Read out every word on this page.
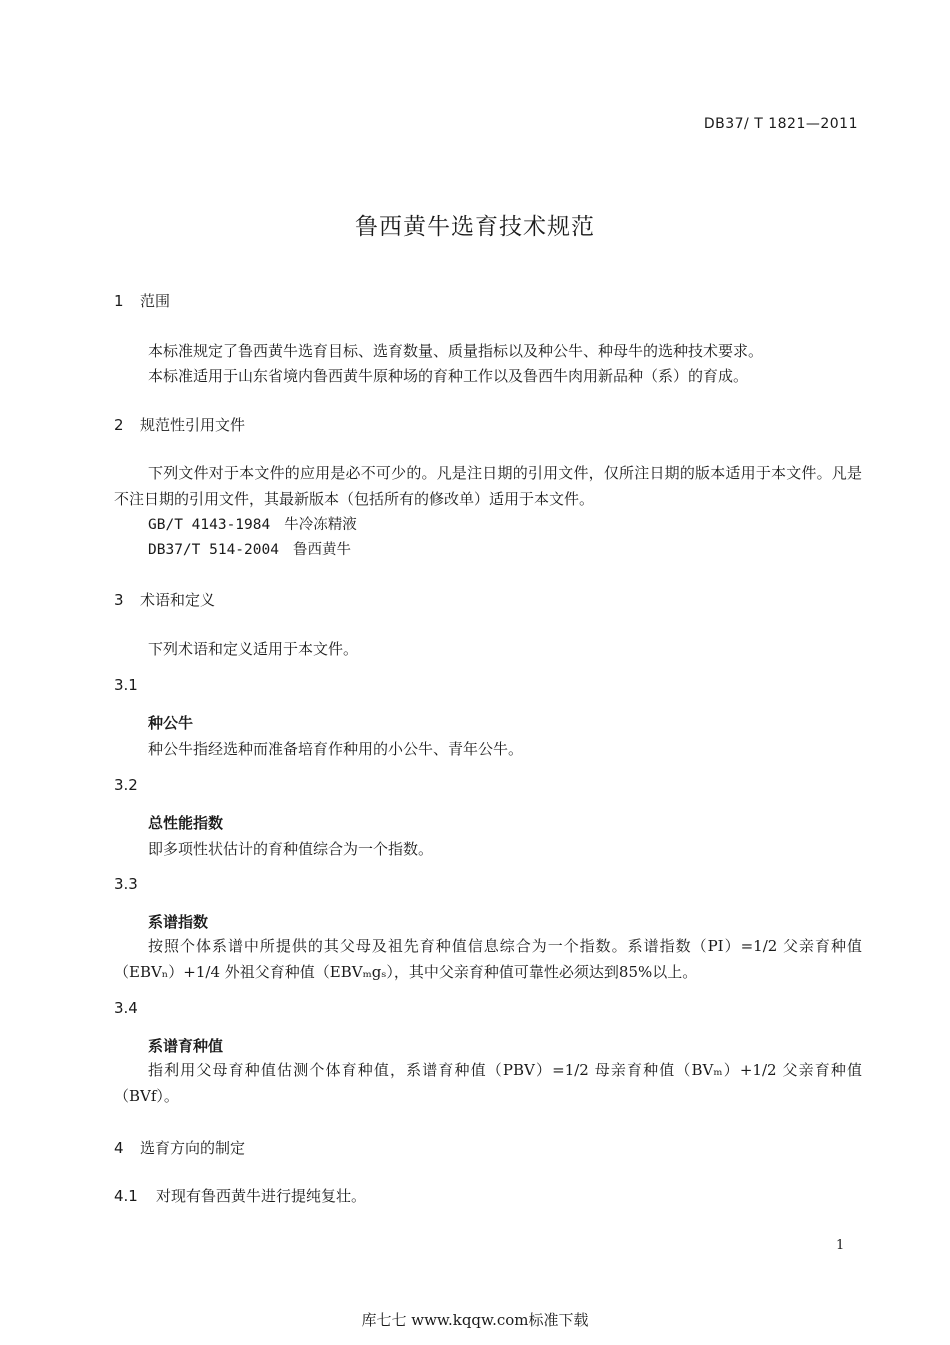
DB37/ T 1821—2011
鲁西黄牛选育技术规范
1 范围
本标准规定了鲁西黄牛选育目标、选育数量、质量指标以及种公牛、种母牛的选种技术要求。
本标准适用于山东省境内鲁西黄牛原种场的育种工作以及鲁西牛肉用新品种（系）的育成。
2 规范性引用文件
下列文件对于本文件的应用是必不可少的。凡是注日期的引用文件，仅所注日期的版本适用于本文件。凡是不注日期的引用文件，其最新版本（包括所有的修改单）适用于本文件。
GB/T 4143-1984 牛冷冻精液
DB37/T 514-2004 鲁西黄牛
3 术语和定义
下列术语和定义适用于本文件。
3.1
种公牛
种公牛指经选种而准备培育作种用的小公牛、青年公牛。
3.2
总性能指数
即多项性状估计的育种值综合为一个指数。
3.3
系谱指数
按照个体系谱中所提供的其父母及祖先育种值信息综合为一个指数。系谱指数（PI）=1/2 父亲育种值（EBVₙ）+1/4 外祖父育种值（EBVₘgₛ），其中父亲育种值可靠性必须达到85%以上。
3.4
系谱育种值
指利用父母育种值估测个体育种值，系谱育种值（PBV）=1/2 母亲育种值（BVₘ）+1/2 父亲育种值（BVf）。
4 选育方向的制定
4.1 对现有鲁西黄牛进行提纯复壮。
1
库七七 www.kqqw.com标准下载
